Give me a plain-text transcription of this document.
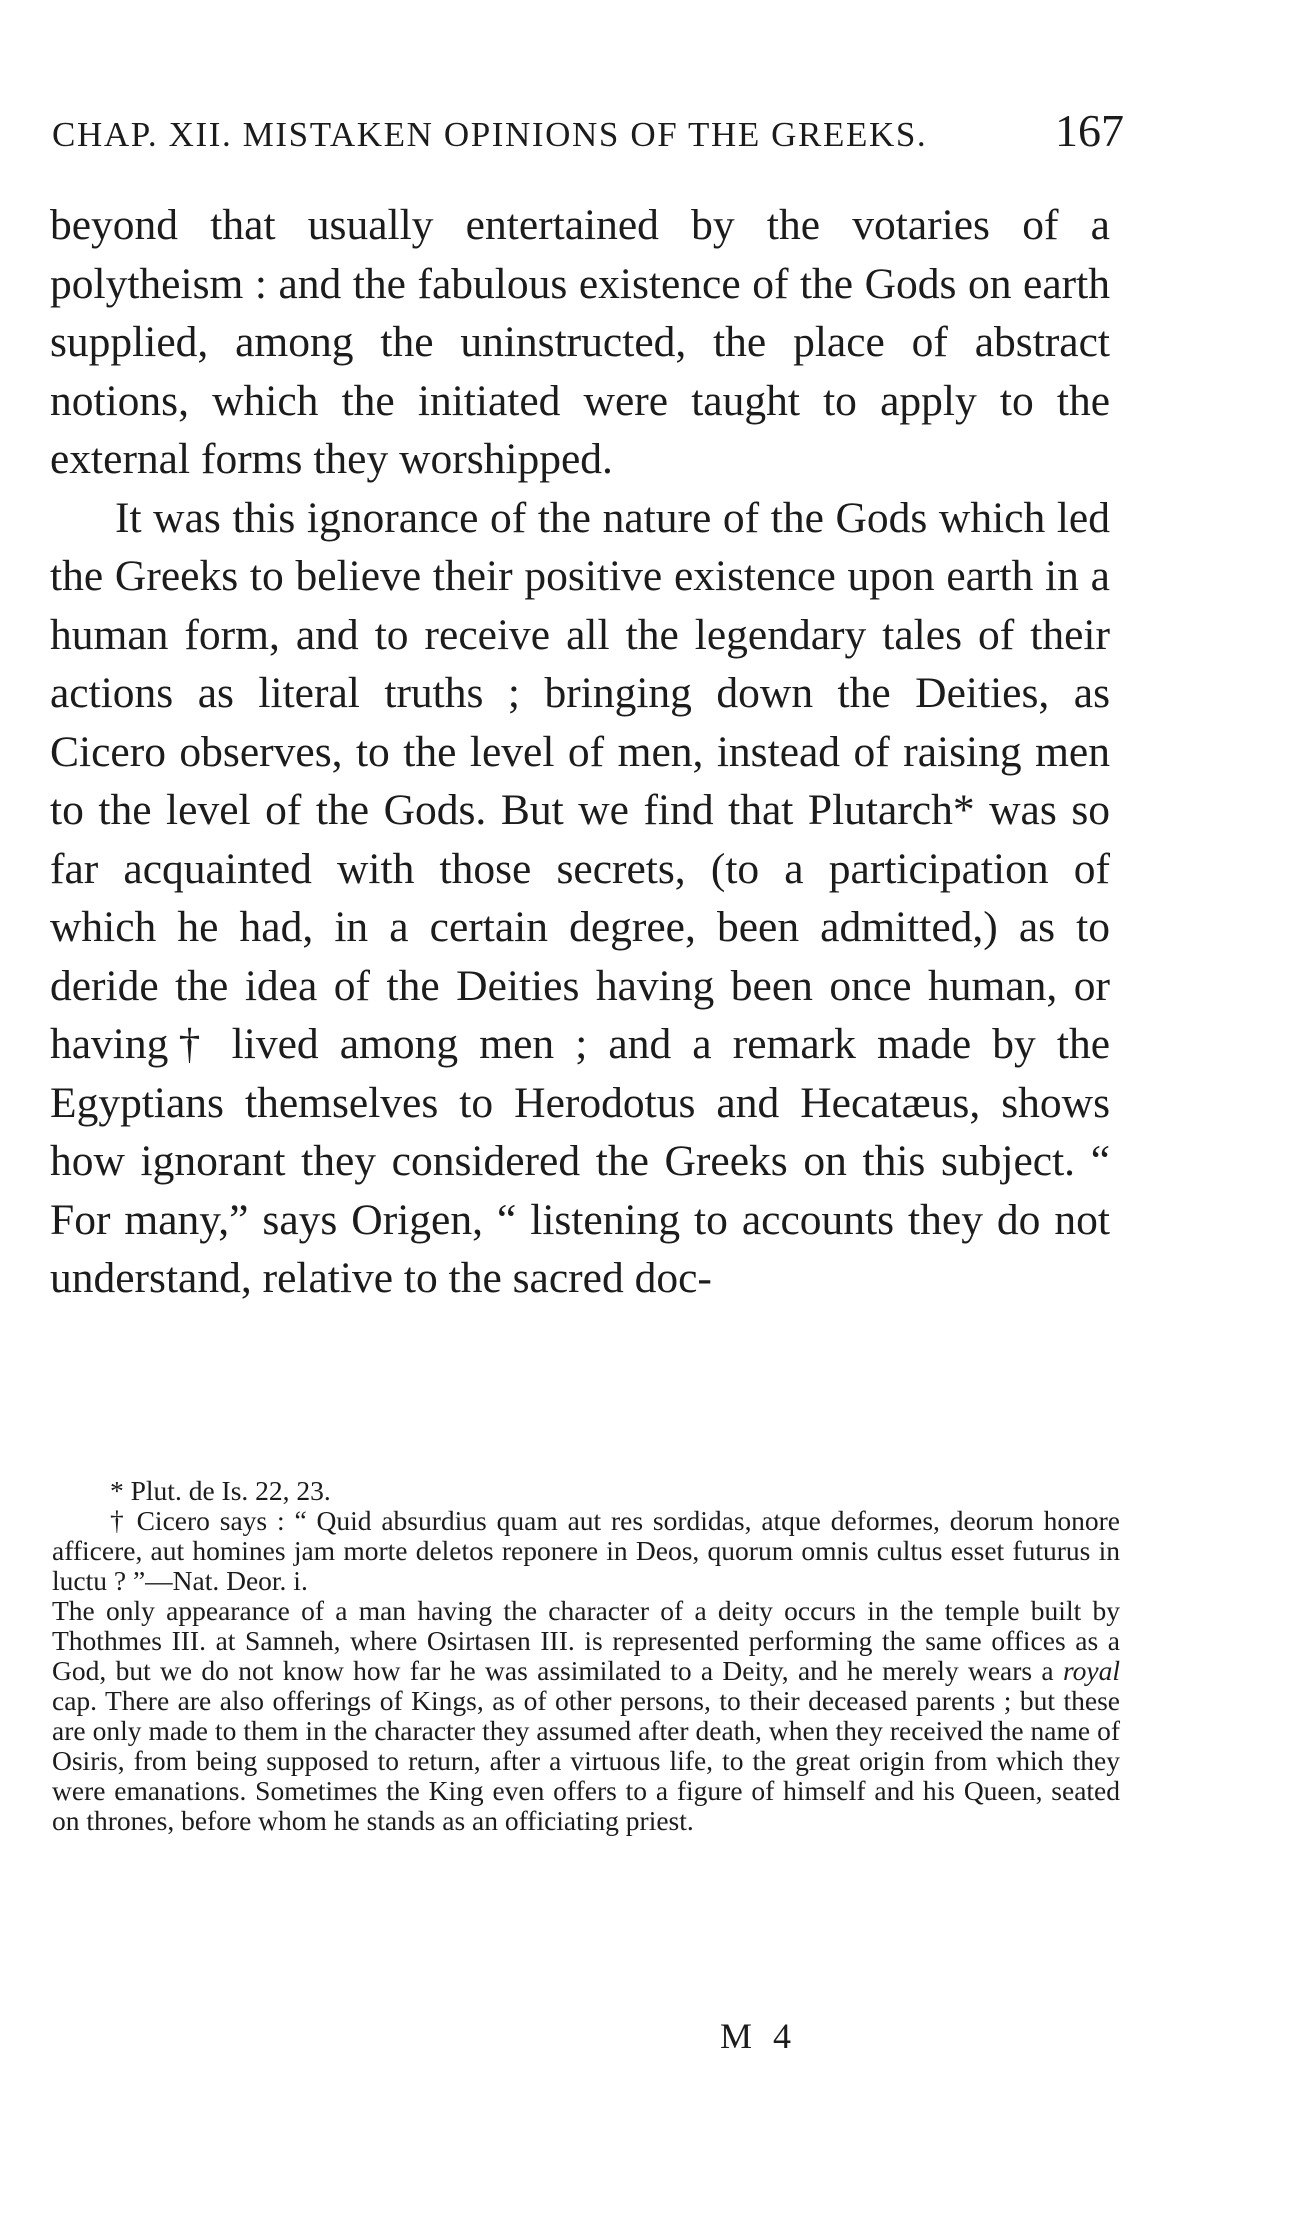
CHAP. XII. MISTAKEN OPINIONS OF THE GREEKS.	167

beyond that usually entertained by the votaries of a polytheism : and the fabulous existence of the Gods on earth supplied, among the uninstructed, the place of abstract notions, which the initiated were taught to apply to the external forms they worshipped.

It was this ignorance of the nature of the Gods which led the Greeks to believe their positive existence upon earth in a human form, and to receive all the legendary tales of their actions as literal truths ; bringing down the Deities, as Cicero observes, to the level of men, instead of raising men to the level of the Gods. But we find that Plutarch* was so far acquainted with those secrets, (to a participation of which he had, in a certain degree, been admitted,) as to deride the idea of the Deities having been once human, or having† lived among men ; and a remark made by the Egyptians themselves to Herodotus and Hecatæus, shows how ignorant they considered the Greeks on this subject. “ For many,” says Origen, “ listening to accounts they do not understand, relative to the sacred doc-

* Plut. de Is. 22, 23.

† Cicero says : “ Quid absurdius quam aut res sordidas, atque deformes, deorum honore afficere, aut homines jam morte deletos reponere in Deos, quorum omnis cultus esset futurus in luctu ? ”—Nat. Deor. i.

The only appearance of a man having the character of a deity occurs in the temple built by Thothmes III. at Samneh, where Osirtasen III. is represented performing the same offices as a God, but we do not know how far he was assimilated to a Deity, and he merely wears a royal cap. There are also offerings of Kings, as of other persons, to their deceased parents ; but these are only made to them in the character they assumed after death, when they received the name of Osiris, from being supposed to return, after a virtuous life, to the great origin from which they were emanations. Sometimes the King even offers to a figure of himself and his Queen, seated on thrones, before whom he stands as an officiating priest.

M 4
